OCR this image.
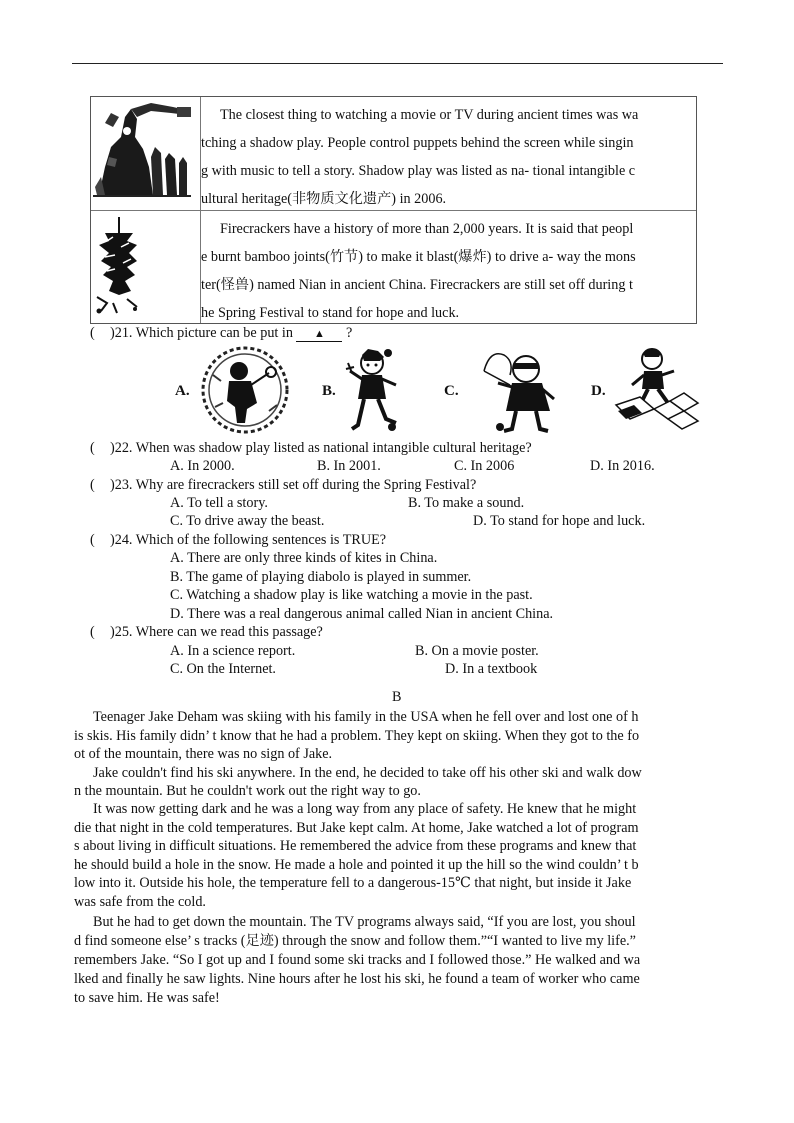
The closest thing to watching a movie or TV during ancient times was wa
tching a shadow play. People control puppets behind the screen while singin
g with music to tell a story. Shadow play was listed as na- tional intangible c
ultural heritage(非物质文化遗产) in 2006.
Firecrackers have a history of more than 2,000 years. It is said that peopl
e burnt bamboo joints(竹节) to make it blast(爆炸) to drive a- way the mons
ter(怪兽) named Nian in ancient China. Firecrackers are still set off during t
he Spring Festival to stand for hope and luck.
(   )21. Which picture can be put in ▲ ?
A.	B.	C.	D.
(   )22. When was shadow play listed as national intangible cultural heritage?
A. In 2000.	B. In 2001.	C. In 2006	D. In 2016.
(   )23. Why are firecrackers still set off during the Spring Festival?
A. To tell a story.	B. To make a sound.
C. To drive away the beast.	D. To stand for hope and luck.
(   )24. Which of the following sentences is TRUE?
A. There are only three kinds of kites in China.
B. The game of playing diabolo is played in summer.
C. Watching a shadow play is like watching a movie in the past.
D. There was a real dangerous animal called Nian in ancient China.
(   )25. Where can we read this passage?
A. In a science report.	B. On a movie poster.
C. On the Internet.	D. In a textbook
B
Teenager Jake Deham was skiing with his family in the USA when he fell over and lost one of h
is skis. His family didn’ t know that he had a problem. They kept on skiing. When they got to the fo
ot of the mountain, there was no sign of Jake.
Jake couldn't find his ski anywhere. In the end, he decided to take off his other ski and walk dow
n the mountain. But he couldn't work out the right way to go.
It was now getting dark and he was a long way from any place of safety. He knew that he might
die that night in the cold temperatures. But Jake kept calm. At home, Jake watched a lot of program
s about living in difficult situations. He remembered the advice from these programs and knew that
he should build a hole in the snow. He made a hole and pointed it up the hill so the wind couldn’ t b
low into it. Outside his hole, the temperature fell to a dangerous-15℃ that night, but inside it Jake
was safe from the cold.
But he had to get down the mountain. The TV programs always said, “If you are lost, you shoul
d find someone else’ s tracks (足迹) through the snow and follow them.”“I wanted to live my life.”
remembers Jake. “So I got up and I found some ski tracks and I followed those.” He walked and wa
lked and finally he saw lights. Nine hours after he lost his ski, he found a team of worker who came
to save him. He was safe!
